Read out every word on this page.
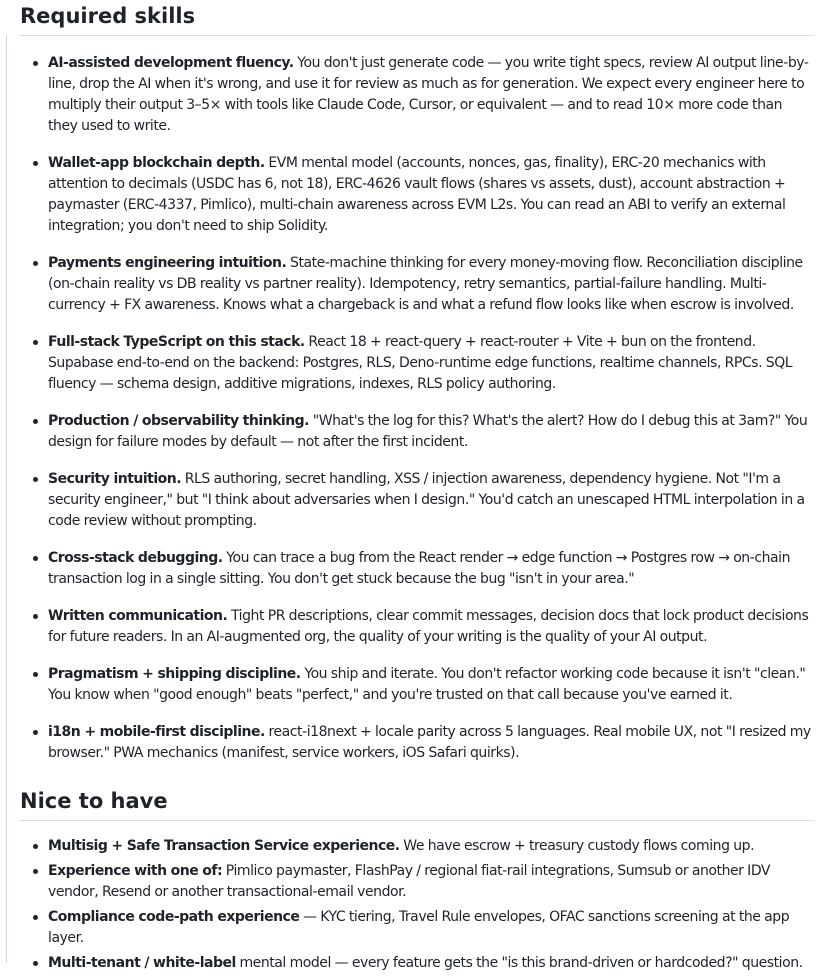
Required skills
AI-assisted development fluency. You don't just generate code — you write tight specs, review AI output line-by-line, drop the AI when it's wrong, and use it for review as much as for generation. We expect every engineer here to multiply their output 3–5× with tools like Claude Code, Cursor, or equivalent — and to read 10× more code than they used to write.
Wallet-app blockchain depth. EVM mental model (accounts, nonces, gas, finality), ERC-20 mechanics with attention to decimals (USDC has 6, not 18), ERC-4626 vault flows (shares vs assets, dust), account abstraction + paymaster (ERC-4337, Pimlico), multi-chain awareness across EVM L2s. You can read an ABI to verify an external integration; you don't need to ship Solidity.
Payments engineering intuition. State-machine thinking for every money-moving flow. Reconciliation discipline (on-chain reality vs DB reality vs partner reality). Idempotency, retry semantics, partial-failure handling. Multi-currency + FX awareness. Knows what a chargeback is and what a refund flow looks like when escrow is involved.
Full-stack TypeScript on this stack. React 18 + react-query + react-router + Vite + bun on the frontend. Supabase end-to-end on the backend: Postgres, RLS, Deno-runtime edge functions, realtime channels, RPCs. SQL fluency — schema design, additive migrations, indexes, RLS policy authoring.
Production / observability thinking. "What's the log for this? What's the alert? How do I debug this at 3am?" You design for failure modes by default — not after the first incident.
Security intuition. RLS authoring, secret handling, XSS / injection awareness, dependency hygiene. Not "I'm a security engineer," but "I think about adversaries when I design." You'd catch an unescaped HTML interpolation in a code review without prompting.
Cross-stack debugging. You can trace a bug from the React render → edge function → Postgres row → on-chain transaction log in a single sitting. You don't get stuck because the bug "isn't in your area."
Written communication. Tight PR descriptions, clear commit messages, decision docs that lock product decisions for future readers. In an AI-augmented org, the quality of your writing is the quality of your AI output.
Pragmatism + shipping discipline. You ship and iterate. You don't refactor working code because it isn't "clean." You know when "good enough" beats "perfect," and you're trusted on that call because you've earned it.
i18n + mobile-first discipline. react-i18next + locale parity across 5 languages. Real mobile UX, not "I resized my browser." PWA mechanics (manifest, service workers, iOS Safari quirks).
Nice to have
Multisig + Safe Transaction Service experience. We have escrow + treasury custody flows coming up.
Experience with one of: Pimlico paymaster, FlashPay / regional fiat-rail integrations, Sumsub or another IDV vendor, Resend or another transactional-email vendor.
Compliance code-path experience — KYC tiering, Travel Rule envelopes, OFAC sanctions screening at the app layer.
Multi-tenant / white-label mental model — every feature gets the "is this brand-driven or hardcoded?" question.
